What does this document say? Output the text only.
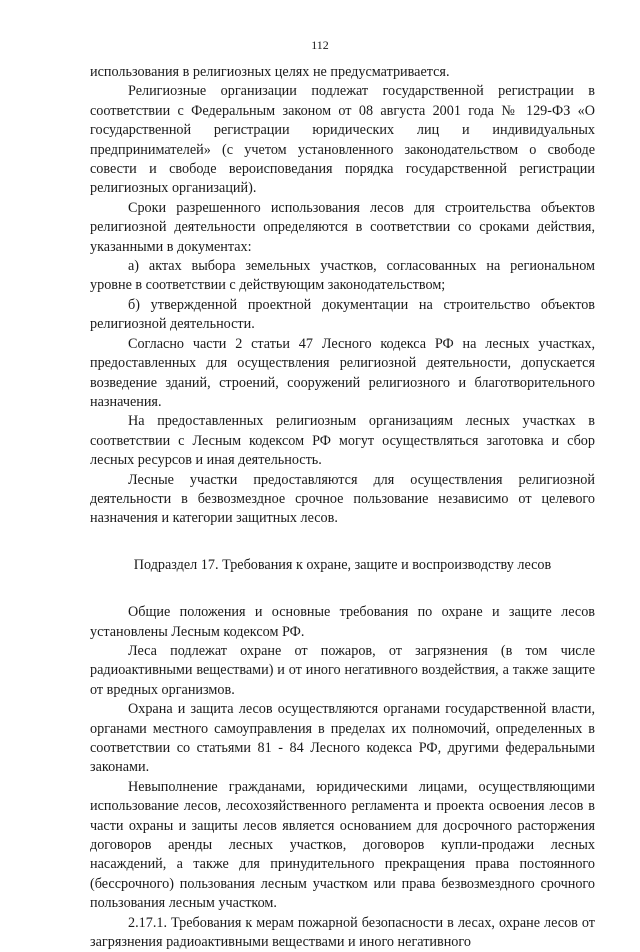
112

использования в религиозных целях не предусматривается.

Религиозные организации подлежат государственной регистрации в соответствии с Федеральным законом от 08 августа 2001 года № 129-ФЗ «О государственной регистрации юридических лиц и индивидуальных предпринимателей» (с учетом установленного законодательством о свободе совести и свободе вероисповедания порядка государственной регистрации религиозных организаций).

Сроки разрешенного использования лесов для строительства объектов религиозной деятельности определяются в соответствии со сроками действия, указанными в документах:

а) актах выбора земельных участков, согласованных на региональном уровне в соответствии с действующим законодательством;

б) утвержденной проектной документации на строительство объектов религиозной деятельности.

Согласно части 2 статьи 47 Лесного кодекса РФ на лесных участках, предоставленных для осуществления религиозной деятельности, допускается возведение зданий, строений, сооружений религиозного и благотворительного назначения.

На предоставленных религиозным организациям лесных участках в соответствии с Лесным кодексом РФ могут осуществляться заготовка и сбор лесных ресурсов и иная деятельность.

Лесные участки предоставляются для осуществления религиозной деятельности в безвозмездное срочное пользование независимо от целевого назначения и категории защитных лесов.

Подраздел 17. Требования к охране, защите и воспроизводству лесов

Общие положения и основные требования по охране и защите лесов установлены Лесным кодексом РФ.

Леса подлежат охране от пожаров, от загрязнения (в том числе радиоактивными веществами) и от иного негативного воздействия, а также защите от вредных организмов.

Охрана и защита лесов осуществляются органами государственной власти, органами местного самоуправления в пределах их полномочий, определенных в соответствии со статьями 81 - 84 Лесного кодекса РФ, другими федеральными законами.

Невыполнение гражданами, юридическими лицами, осуществляющими использование лесов, лесохозяйственного регламента и проекта освоения лесов в части охраны и защиты лесов является основанием для досрочного расторжения договоров аренды лесных участков, договоров купли-продажи лесных насаждений, а также для принудительного прекращения права постоянного (бессрочного) пользования лесным участком или права безвозмездного срочного пользования лесным участком.

2.17.1. Требования к мерам пожарной безопасности в лесах, охране лесов от загрязнения радиоактивными веществами и иного негативного
